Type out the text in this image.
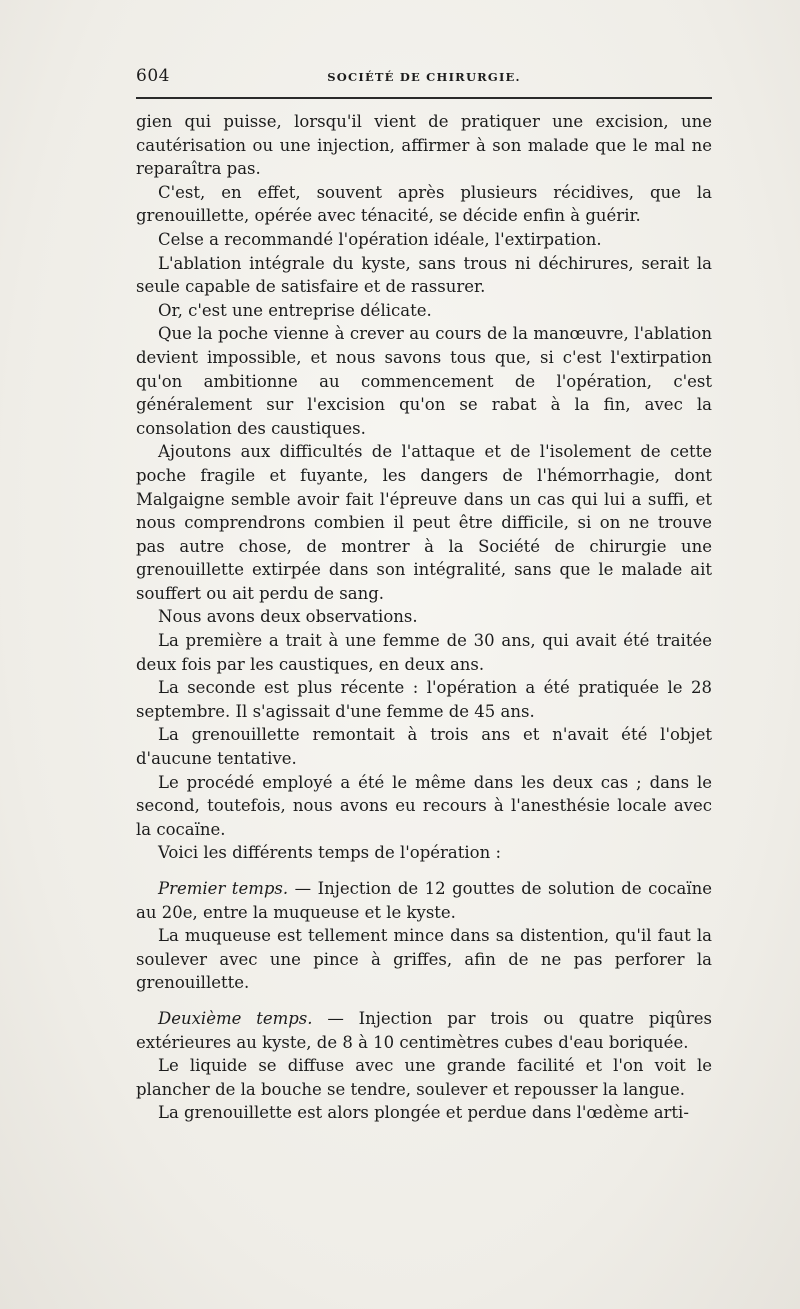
604	SOCIÉTÉ DE CHIRURGIE.

gien qui puisse, lorsqu'il vient de pratiquer une excision, une cautérisation ou une injection, affirmer à son malade que le mal ne reparaîtra pas.

C'est, en effet, souvent après plusieurs récidives, que la grenouillette, opérée avec ténacité, se décide enfin à guérir.

Celse a recommandé l'opération idéale, l'extirpation.

L'ablation intégrale du kyste, sans trous ni déchirures, serait la seule capable de satisfaire et de rassurer.

Or, c'est une entreprise délicate.

Que la poche vienne à crever au cours de la manœuvre, l'ablation devient impossible, et nous savons tous que, si c'est l'extirpation qu'on ambitionne au commencement de l'opération, c'est généralement sur l'excision qu'on se rabat à la fin, avec la consolation des caustiques.

Ajoutons aux difficultés de l'attaque et de l'isolement de cette poche fragile et fuyante, les dangers de l'hémorrhagie, dont Malgaigne semble avoir fait l'épreuve dans un cas qui lui a suffi, et nous comprendrons combien il peut être difficile, si on ne trouve pas autre chose, de montrer à la Société de chirurgie une grenouillette extirpée dans son intégralité, sans que le malade ait souffert ou ait perdu de sang.

Nous avons deux observations.

La première a trait à une femme de 30 ans, qui avait été traitée deux fois par les caustiques, en deux ans.

La seconde est plus récente : l'opération a été pratiquée le 28 septembre. Il s'agissait d'une femme de 45 ans.

La grenouillette remontait à trois ans et n'avait été l'objet d'aucune tentative.

Le procédé employé a été le même dans les deux cas ; dans le second, toutefois, nous avons eu recours à l'anesthésie locale avec la cocaïne.

Voici les différents temps de l'opération :

Premier temps. — Injection de 12 gouttes de solution de cocaïne au 20e, entre la muqueuse et le kyste.

La muqueuse est tellement mince dans sa distention, qu'il faut la soulever avec une pince à griffes, afin de ne pas perforer la grenouillette.

Deuxième temps. — Injection par trois ou quatre piqûres extérieures au kyste, de 8 à 10 centimètres cubes d'eau boriquée.

Le liquide se diffuse avec une grande facilité et l'on voit le plancher de la bouche se tendre, soulever et repousser la langue.

La grenouillette est alors plongée et perdue dans l'œdème arti-
